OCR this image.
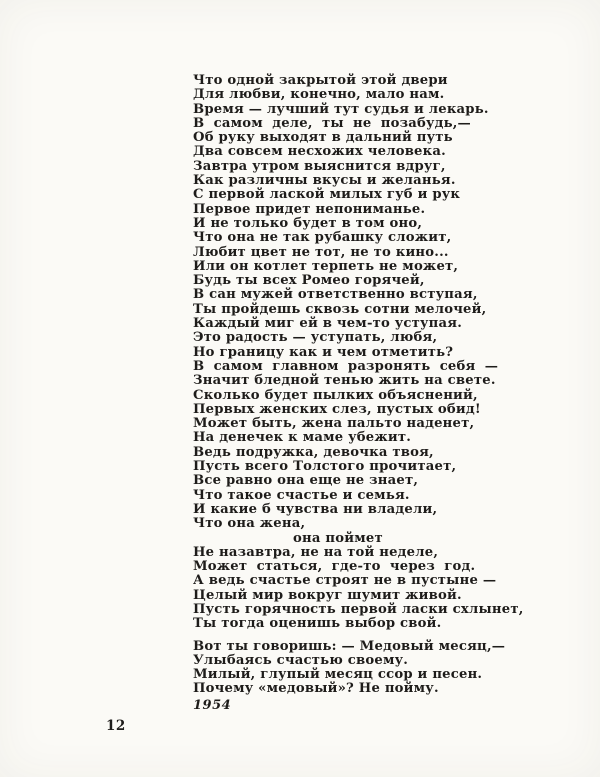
Что одной закрытой этой двери
Для любви, конечно, мало нам.
Время — лучший тут судья и лекарь.
В самом деле, ты не позабудь,—
Об руку выходят в дальний путь
Два совсем несхожих человека.
Завтра утром выяснится вдруг,
Как различны вкусы и желанья.
С первой лаской милых губ и рук
Первое придет непониманье.
И не только будет в том оно,
Что она не так рубашку сложит,
Любит цвет не тот, не то кино...
Или он котлет терпеть не может,
Будь ты всех Ромео горячей,
В сан мужей ответственно вступая,
Ты пройдешь сквозь сотни мелочей,
Каждый миг ей в чем-то уступая.
Это радость — уступать, любя,
Но границу как и чем отметить?
В самом главном разронять себя —
Значит бледной тенью жить на свете.
Сколько будет пылких объяснений,
Первых женских слез, пустых обид!
Может быть, жена пальто наденет,
На денечек к маме убежит.
Ведь подружка, девочка твоя,
Пусть всего Толстого прочитает,
Все равно она еще не знает,
Что такое счастье и семья.
И какие б чувства ни владели,
Что она жена,
она поймет
Не назавтра, не на той неделе,
Может статься, где-то через год.
А ведь счастье строят не в пустыне —
Целый мир вокруг шумит живой.
Пусть горячность первой ласки схлынет,
Ты тогда оценишь выбор свой.
Вот ты говоришь: — Медовый месяц,—
Улыбаясь счастью своему.
Милый, глупый месяц ссор и песен.
Почему «медовый»? Не пойму.
1954
12
